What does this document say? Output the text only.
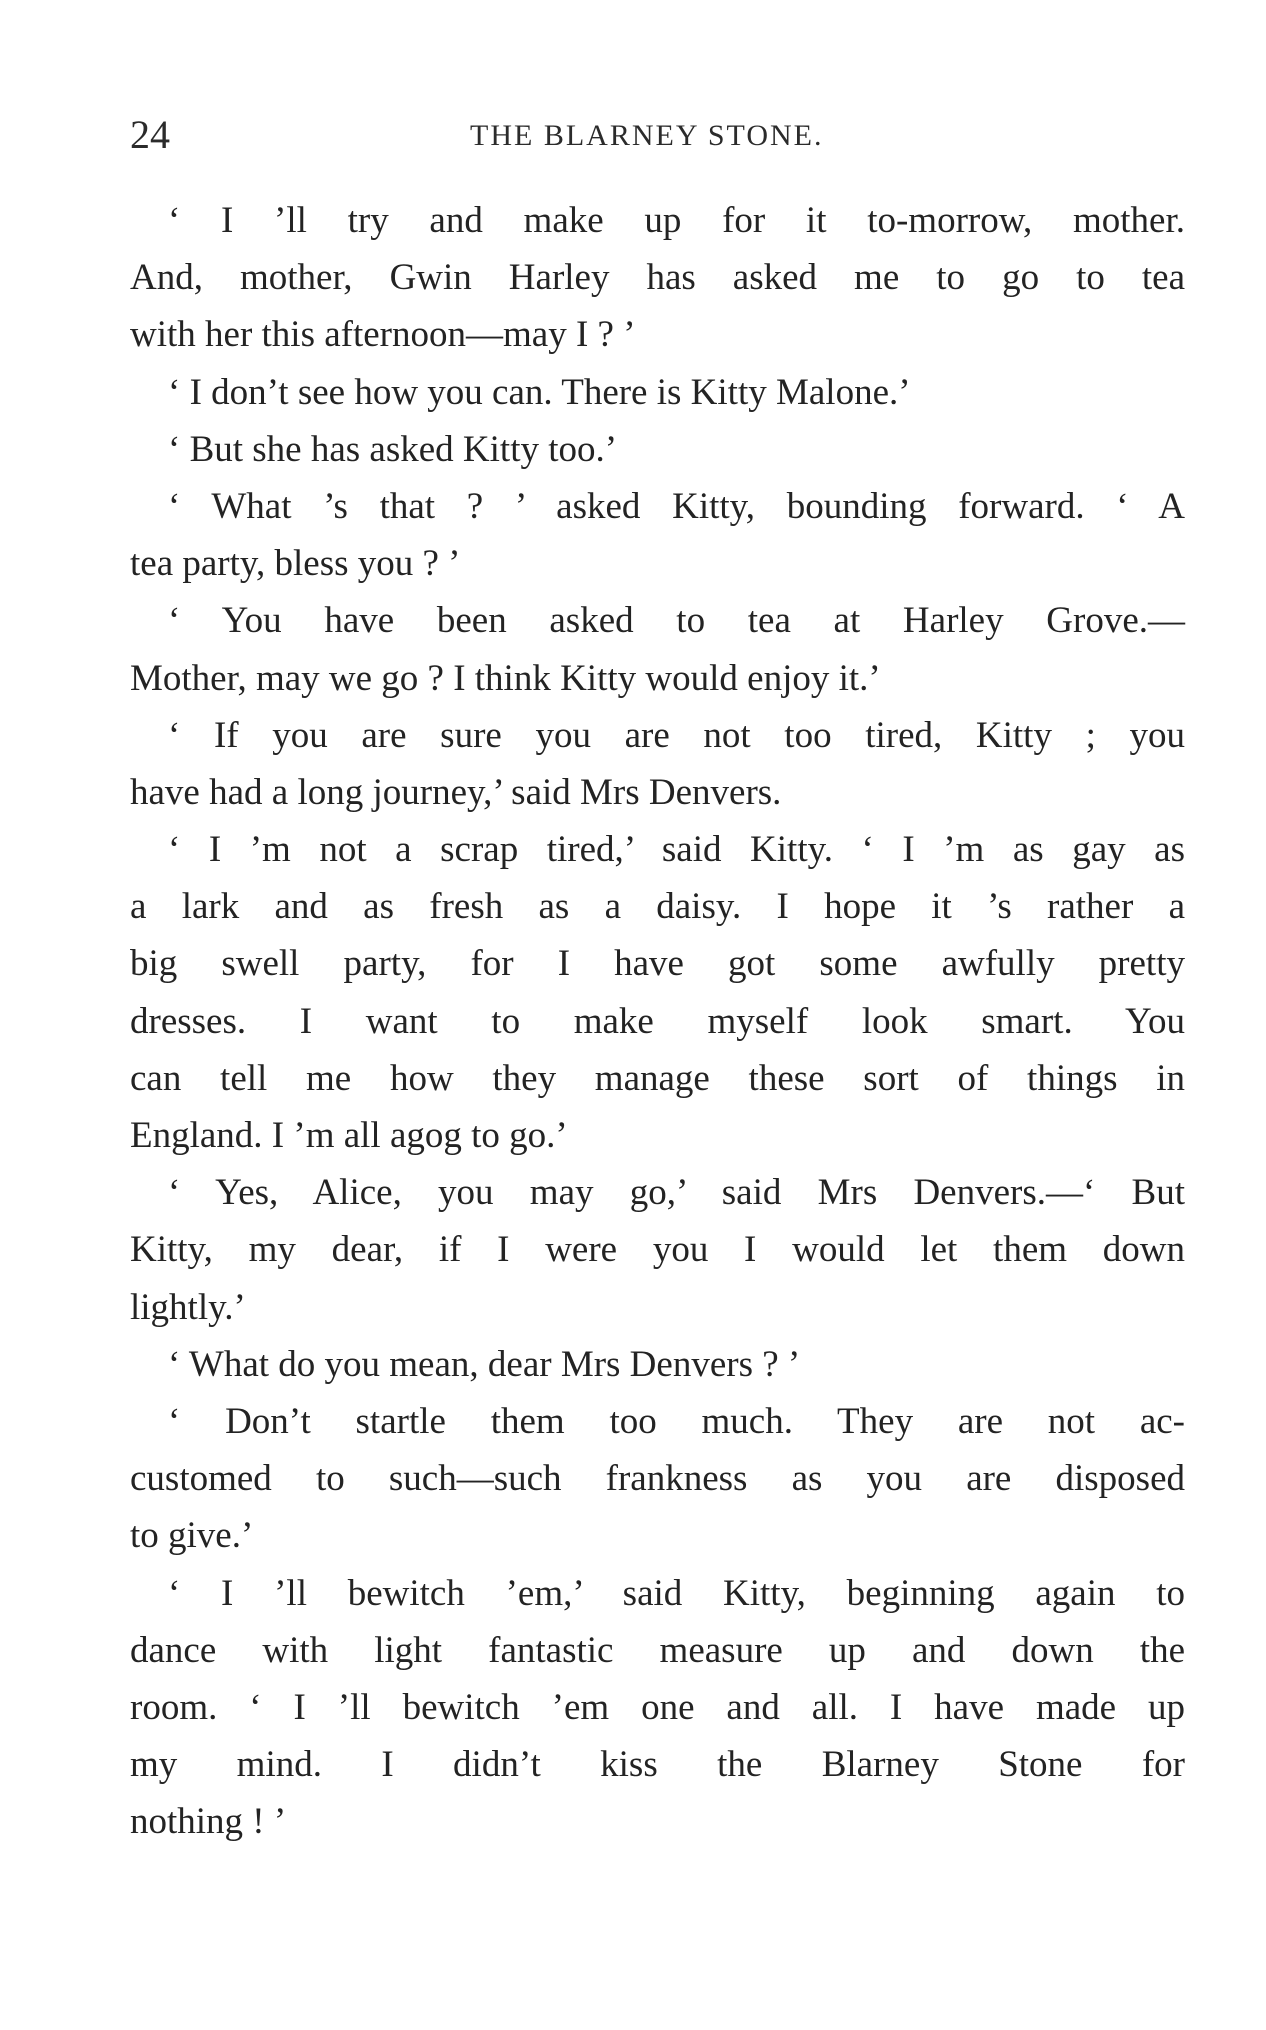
24	THE BLARNEY STONE.
‘ I ’ll try and make up for it to-morrow, mother.
And, mother, Gwin Harley has asked me to go to tea
with her this afternoon—may I ? ’
‘ I don’t see how you can. There is Kitty Malone.’
‘ But she has asked Kitty too.’
‘ What ’s that ? ’ asked Kitty, bounding forward. ‘ A
tea party, bless you ? ’
‘ You have been asked to tea at Harley Grove.—
Mother, may we go ? I think Kitty would enjoy it.’
‘ If you are sure you are not too tired, Kitty ; you
have had a long journey,’ said Mrs Denvers.
‘ I ’m not a scrap tired,’ said Kitty. ‘ I ’m as gay as
a lark and as fresh as a daisy. I hope it ’s rather a
big swell party, for I have got some awfully pretty
dresses. I want to make myself look smart. You
can tell me how they manage these sort of things in
England. I ’m all agog to go.’
‘ Yes, Alice, you may go,’ said Mrs Denvers.—‘ But
Kitty, my dear, if I were you I would let them down
lightly.’
‘ What do you mean, dear Mrs Denvers ? ’
‘ Don’t startle them too much. They are not ac-
customed to such—such frankness as you are disposed
to give.’
‘ I ’ll bewitch ’em,’ said Kitty, beginning again to
dance with light fantastic measure up and down the
room. ‘ I ’ll bewitch ’em one and all. I have made up
my mind. I didn’t kiss the Blarney Stone for
nothing ! ’
